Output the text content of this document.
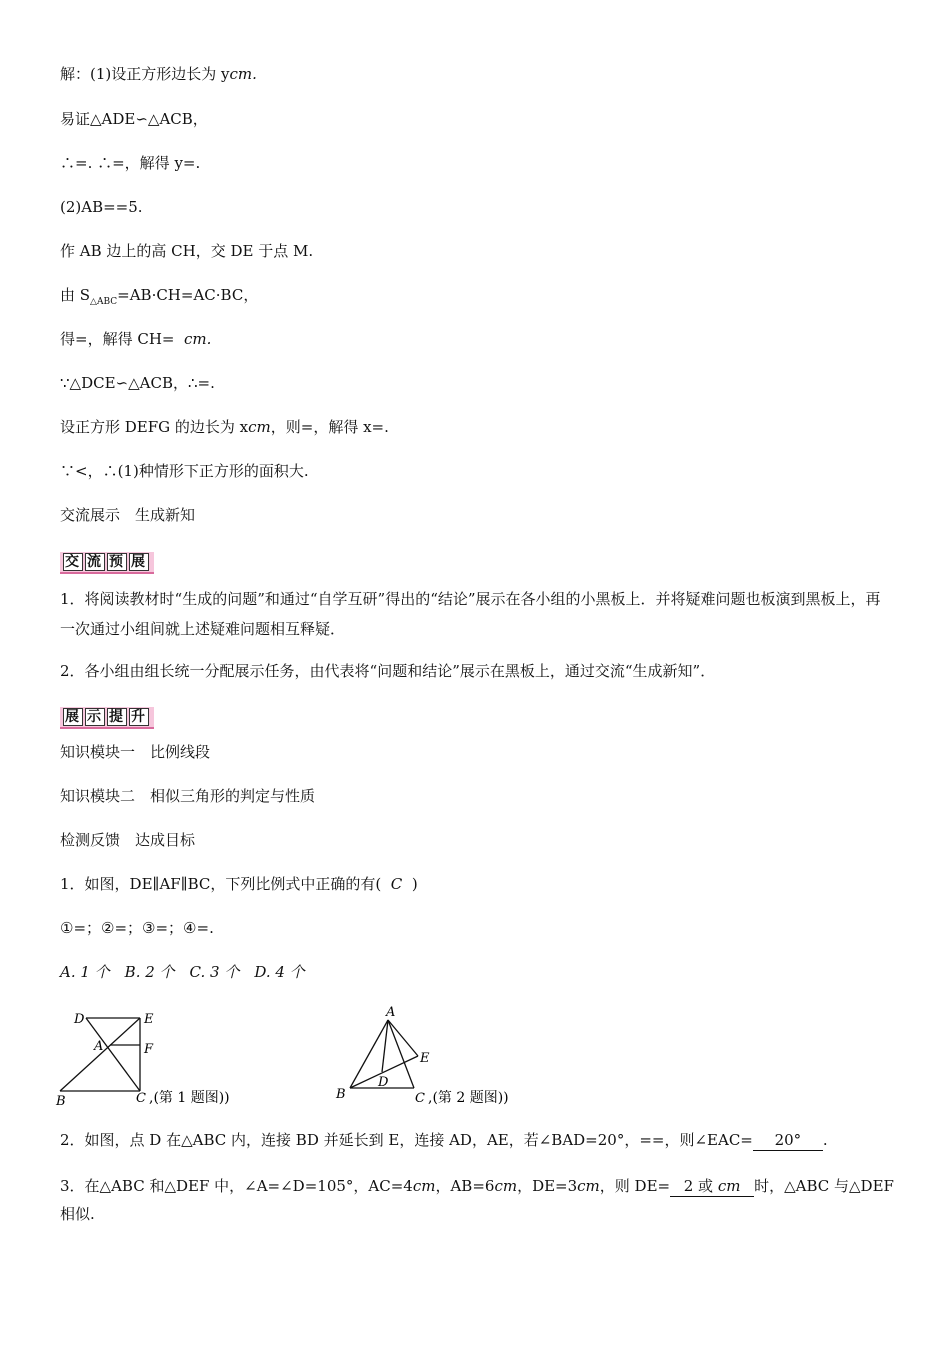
解：(1)设正方形边长为 ycm.
易证△ADE∽△ACB，
∴=. ∴=，解得 y=.
(2)AB==5.
作 AB 边上的高 CH，交 DE 于点 M.
由 $S_{\triangle ABC}=AB\cdot CH=AC\cdot BC$，
得=，解得 CH= cm.
∵△DCE∽△ACB，∴=.
设正方形 DEFG 的边长为 xcm，则=，解得 x=.
∵<，∴(1)种情形下正方形的面积大.
交流展示　生成新知
交 流 预 展
1．将阅读教材时“生成的问题”和通过“自学互研”得出的“结论”展示在各小组的小黑板上．并将疑难问题也板演到黑板上，再一次通过小组间就上述疑难问题相互释疑．
2．各小组由组长统一分配展示任务，由代表将“问题和结论”展示在黑板上，通过交流“生成新知”．
展 示 提 升
知识模块一　比例线段
知识模块二　相似三角形的判定与性质
检测反馈　达成目标
1．如图，DE∥AF∥BC，下列比例式中正确的有( C )
①=；②=；③=；④=.
A. 1 个　B. 2 个　C. 3 个　D. 4 个
D	E
A	F
B	C ,(第 1 题图))
A
E
D
B	C ,(第 2 题图))
2．如图，点 D 在△ABC 内，连接 BD 并延长到 E，连接 AD，AE，若∠BAD=20°，==，则∠EAC= 20° .
3．在△ABC 和△DEF 中，∠A=∠D=105°，AC=4cm，AB=6cm，DE=3cm，则 DE= 2 或 cm 时，△ABC 与△DEF
相似.
